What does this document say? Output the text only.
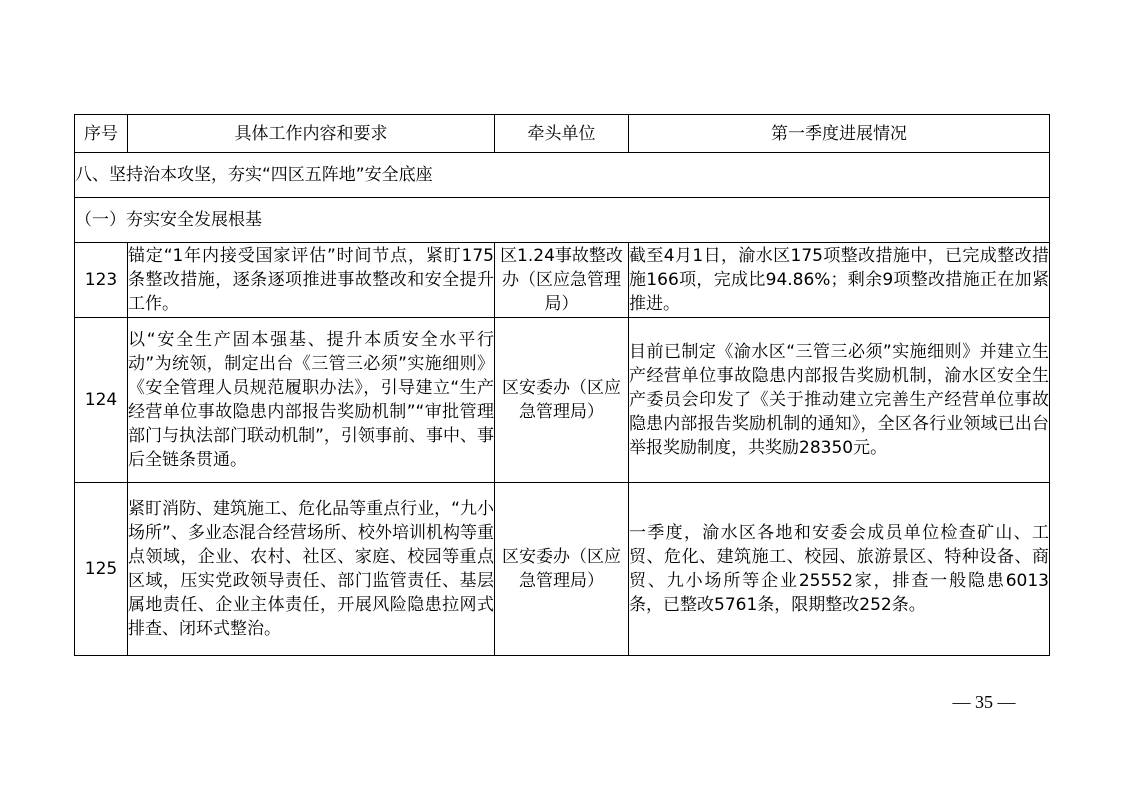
序号	具体工作内容和要求	牵头单位	第一季度进展情况
八、坚持治本攻坚，夯实“四区五阵地”安全底座			
（一）夯实安全发展根基			
123	锚定“1年内接受国家评估”时间节点，紧盯175条整改措施，逐条逐项推进事故整改和安全提升工作。	区1.24事故整改办（区应急管理局）	截至4月1日，渝水区175项整改措施中，已完成整改措施166项，完成比94.86%；剩余9项整改措施正在加紧推进。
124	以“安全生产固本强基、提升本质安全水平行动”为统领，制定出台《三管三必须”实施细则》《安全管理人员规范履职办法》，引导建立“生产经营单位事故隐患内部报告奖励机制”“审批管理部门与执法部门联动机制”，引领事前、事中、事后全链条贯通。	区安委办（区应急管理局）	目前已制定《渝水区“三管三必须”实施细则》并建立生产经营单位事故隐患内部报告奖励机制，渝水区安全生产委员会印发了《关于推动建立完善生产经营单位事故隐患内部报告奖励机制的通知》，全区各行业领域已出台举报奖励制度，共奖励28350元。
125	紧盯消防、建筑施工、危化品等重点行业，“九小场所”、多业态混合经营场所、校外培训机构等重点领域，企业、农村、社区、家庭、校园等重点区域，压实党政领导责任、部门监管责任、基层属地责任、企业主体责任，开展风险隐患拉网式排查、闭环式整治。	区安委办（区应急管理局）	一季度，渝水区各地和安委会成员单位检查矿山、工贸、危化、建筑施工、校园、旅游景区、特种设备、商贸、九小场所等企业25552家，排查一般隐患6013条，已整改5761条，限期整改252条。
— 35 —
